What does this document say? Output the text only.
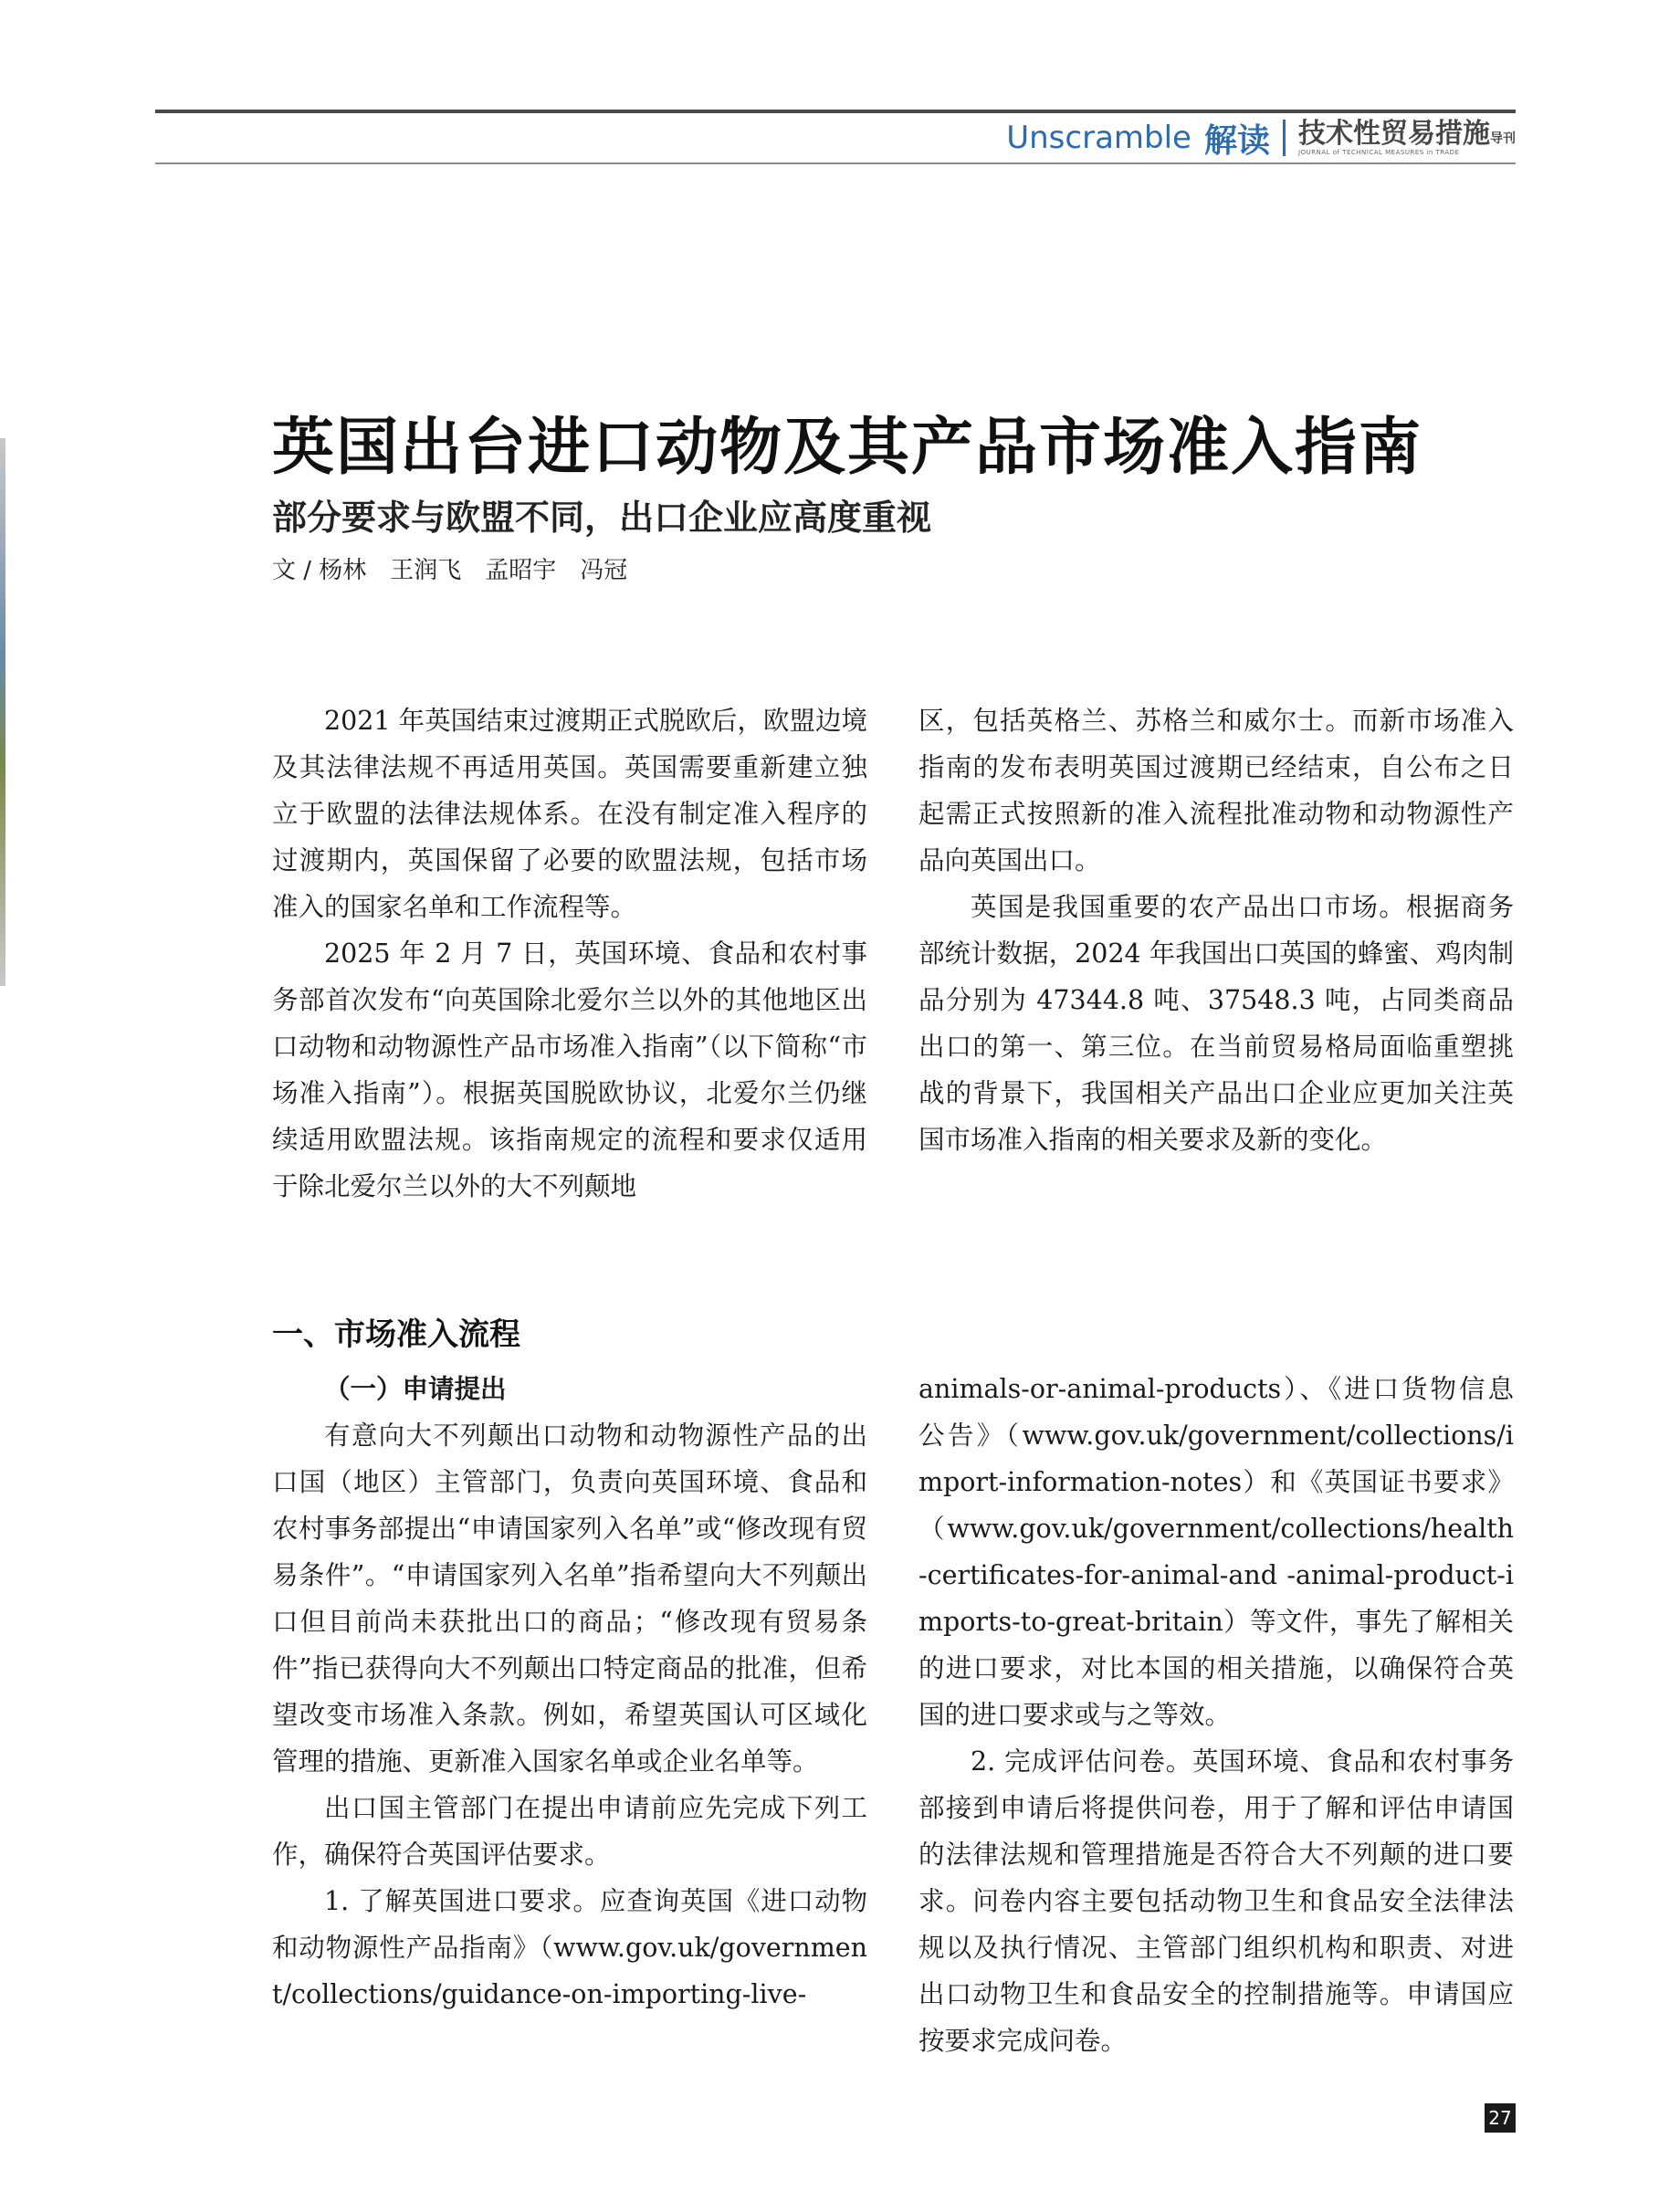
Unscramble 解读 技术性贸易措施导刊
JOURNAL of TECHNICAL MEASURES in TRADE
英国出台进口动物及其产品市场准入指南
部分要求与欧盟不同，出口企业应高度重视
文 / 杨林　王润飞　孟昭宇　冯冠

2021 年英国结束过渡期正式脱欧后，欧盟边境及其法律法规不再适用英国。英国需要重新建立独立于欧盟的法律法规体系。在没有制定准入程序的过渡期内，英国保留了必要的欧盟法规，包括市场准入的国家名单和工作流程等。

2025 年 2 月 7 日，英国环境、食品和农村事务部首次发布“向英国除北爱尔兰以外的其他地区出口动物和动物源性产品市场准入指南”（以下简称“市场准入指南”）。根据英国脱欧协议，北爱尔兰仍继续适用欧盟法规。该指南规定的流程和要求仅适用于除北爱尔兰以外的大不列颠地

区，包括英格兰、苏格兰和威尔士。而新市场准入指南的发布表明英国过渡期已经结束，自公布之日起需正式按照新的准入流程批准动物和动物源性产品向英国出口。

英国是我国重要的农产品出口市场。根据商务部统计数据，2024 年我国出口英国的蜂蜜、鸡肉制品分别为 47344.8 吨、37548.3 吨，占同类商品出口的第一、第三位。在当前贸易格局面临重塑挑战的背景下，我国相关产品出口企业应更加关注英国市场准入指南的相关要求及新的变化。

一、市场准入流程

（一）申请提出

有意向大不列颠出口动物和动物源性产品的出口国（地区）主管部门，负责向英国环境、食品和农村事务部提出“申请国家列入名单”或“修改现有贸易条件”。“申请国家列入名单”指希望向大不列颠出口但目前尚未获批出口的商品；“修改现有贸易条件”指已获得向大不列颠出口特定商品的批准，但希望改变市场准入条款。例如，希望英国认可区域化管理的措施、更新准入国家名单或企业名单等。

出口国主管部门在提出申请前应先完成下列工作，确保符合英国评估要求。

1. 了解英国进口要求。应查询英国《进口动物和动物源性产品指南》（www.gov.uk/government/collections/guidance-on-importing-live-

animals-or-animal-products）、《进口货物信息公告》（www.gov.uk/government/collections/import-information-notes）和《英国证书要求》（www.gov.uk/government/collections/health-certificates-for-animal-and -animal-product-imports-to-great-britain）等文件，事先了解相关的进口要求，对比本国的相关措施，以确保符合英国的进口要求或与之等效。

2. 完成评估问卷。英国环境、食品和农村事务部接到申请后将提供问卷，用于了解和评估申请国的法律法规和管理措施是否符合大不列颠的进口要求。问卷内容主要包括动物卫生和食品安全法律法规以及执行情况、主管部门组织机构和职责、对进出口动物卫生和食品安全的控制措施等。申请国应按要求完成问卷。

27
